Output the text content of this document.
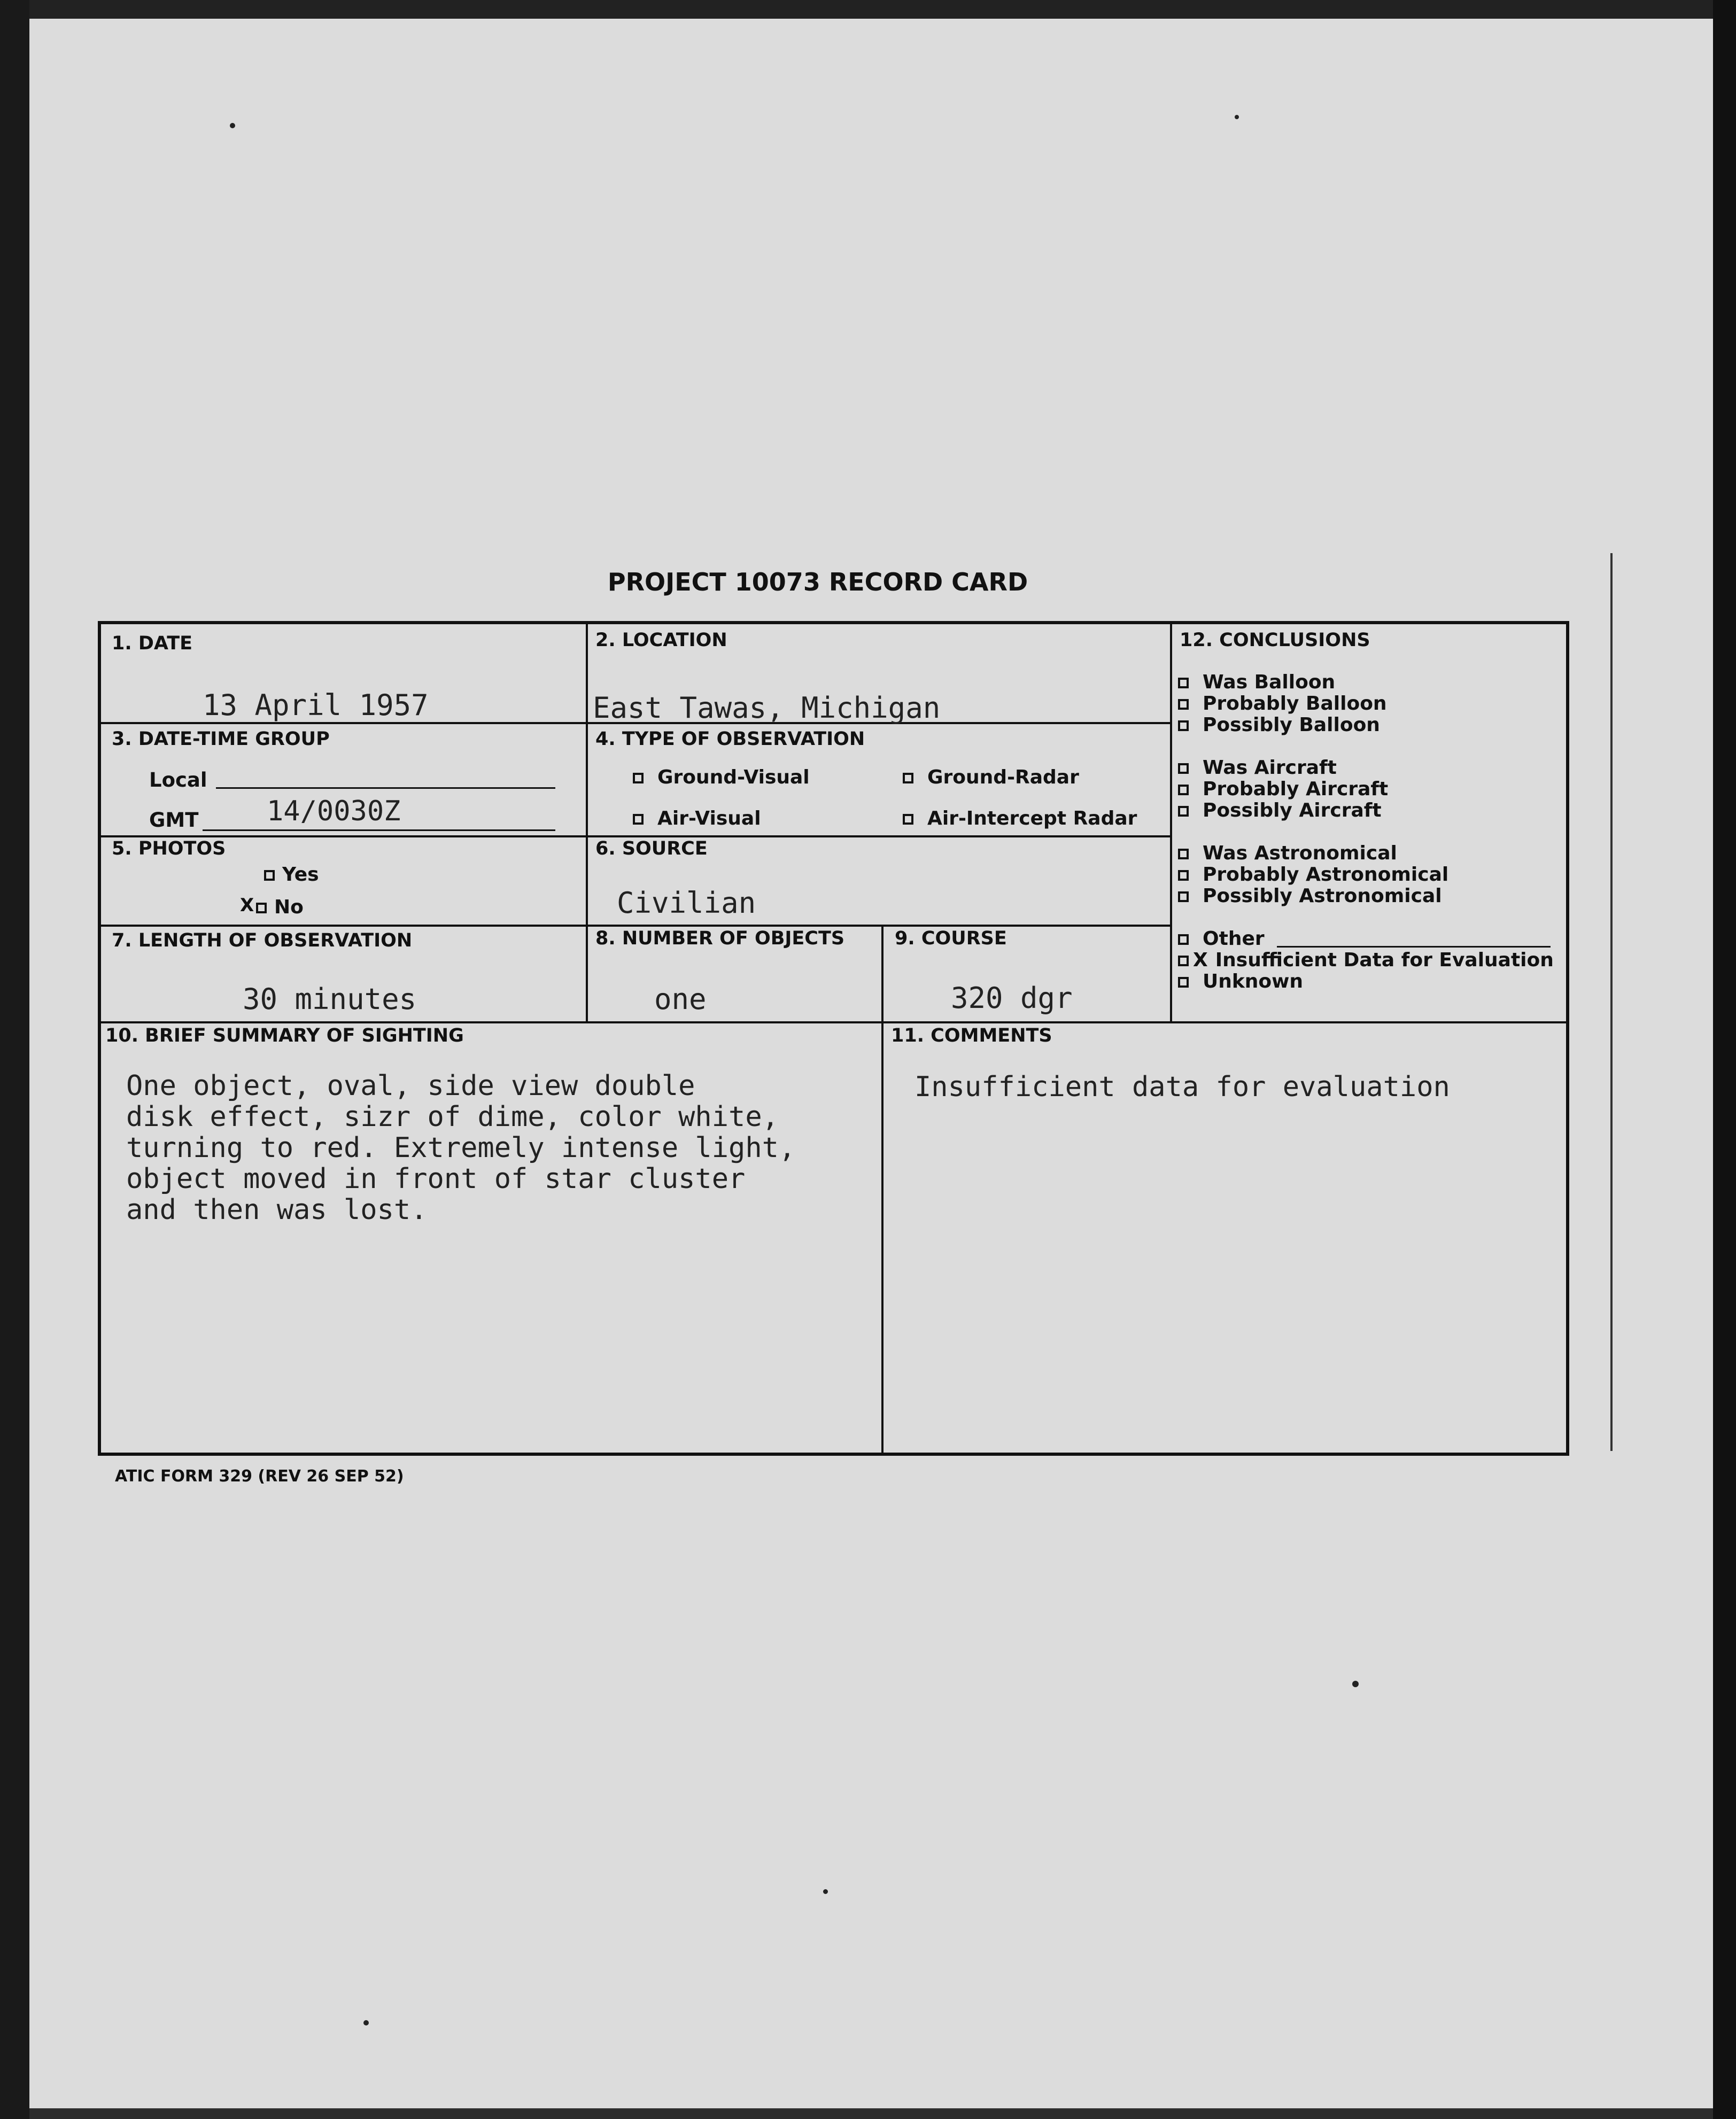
PROJECT 10073 RECORD CARD
1. DATE
13 April 1957
2. LOCATION
East Tawas, Michigan
3. DATE-TIME GROUP
Local
GMT 14/0030Z
4. TYPE OF OBSERVATION
Ground-Visual	Ground-Radar
Air-Visual	Air-Intercept Radar
5. PHOTOS
Yes
X	No
6. SOURCE
Civilian
7. LENGTH OF OBSERVATION
30 minutes
8. NUMBER OF OBJECTS
one
9. COURSE
320 dgr
12. CONCLUSIONS
Was Balloon
Probably Balloon
Possibly Balloon
Was Aircraft
Probably Aircraft
Possibly Aircraft
Was Astronomical
Probably Astronomical
Possibly Astronomical
Other
X Insufficient Data for Evaluation
Unknown
10. BRIEF SUMMARY OF SIGHTING
One object, oval, side view double
disk effect, sizr of dime, color white,
turning to red. Extremely intense light,
object moved in front of star cluster
and then was lost.
11. COMMENTS
Insufficient data for evaluation
ATIC FORM 329 (REV 26 SEP 52)
